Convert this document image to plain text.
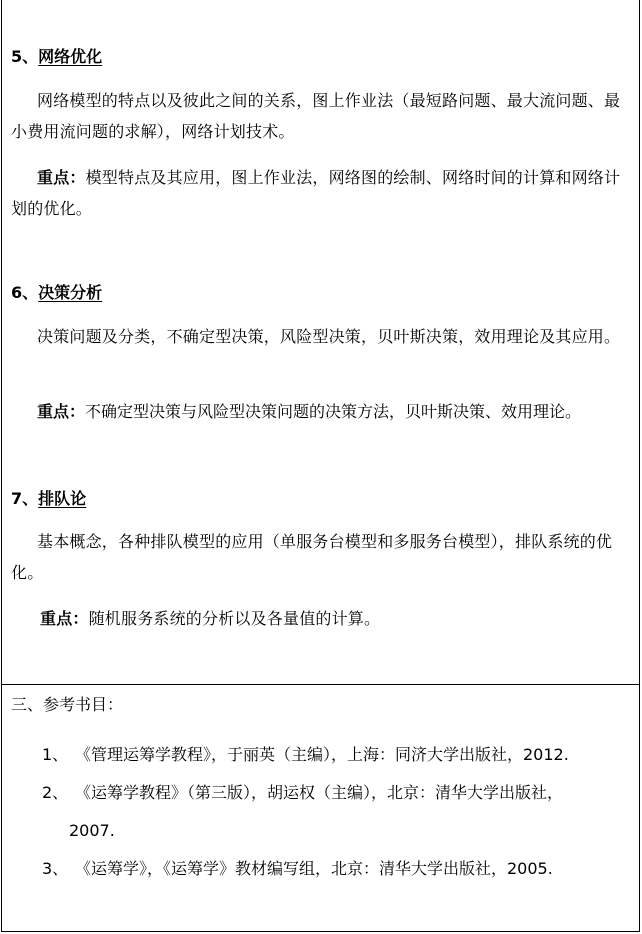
5、网络优化
网络模型的特点以及彼此之间的关系，图上作业法（最短路问题、最大流问题、最小费用流问题的求解），网络计划技术。
重点：模型特点及其应用，图上作业法，网络图的绘制、网络时间的计算和网络计划的优化。
6、决策分析
决策问题及分类，不确定型决策，风险型决策，贝叶斯决策，效用理论及其应用。
重点：不确定型决策与风险型决策问题的决策方法，贝叶斯决策、效用理论。
7、排队论
基本概念，各种排队模型的应用（单服务台模型和多服务台模型），排队系统的优化。
重点：随机服务系统的分析以及各量值的计算。
三、参考书目：
1、 《管理运筹学教程》，于丽英（主编），上海：同济大学出版社，2012.
2、 《运筹学教程》（第三版），胡运权（主编），北京：清华大学出版社，
2007.
3、 《运筹学》，《运筹学》教材编写组，北京：清华大学出版社，2005.
